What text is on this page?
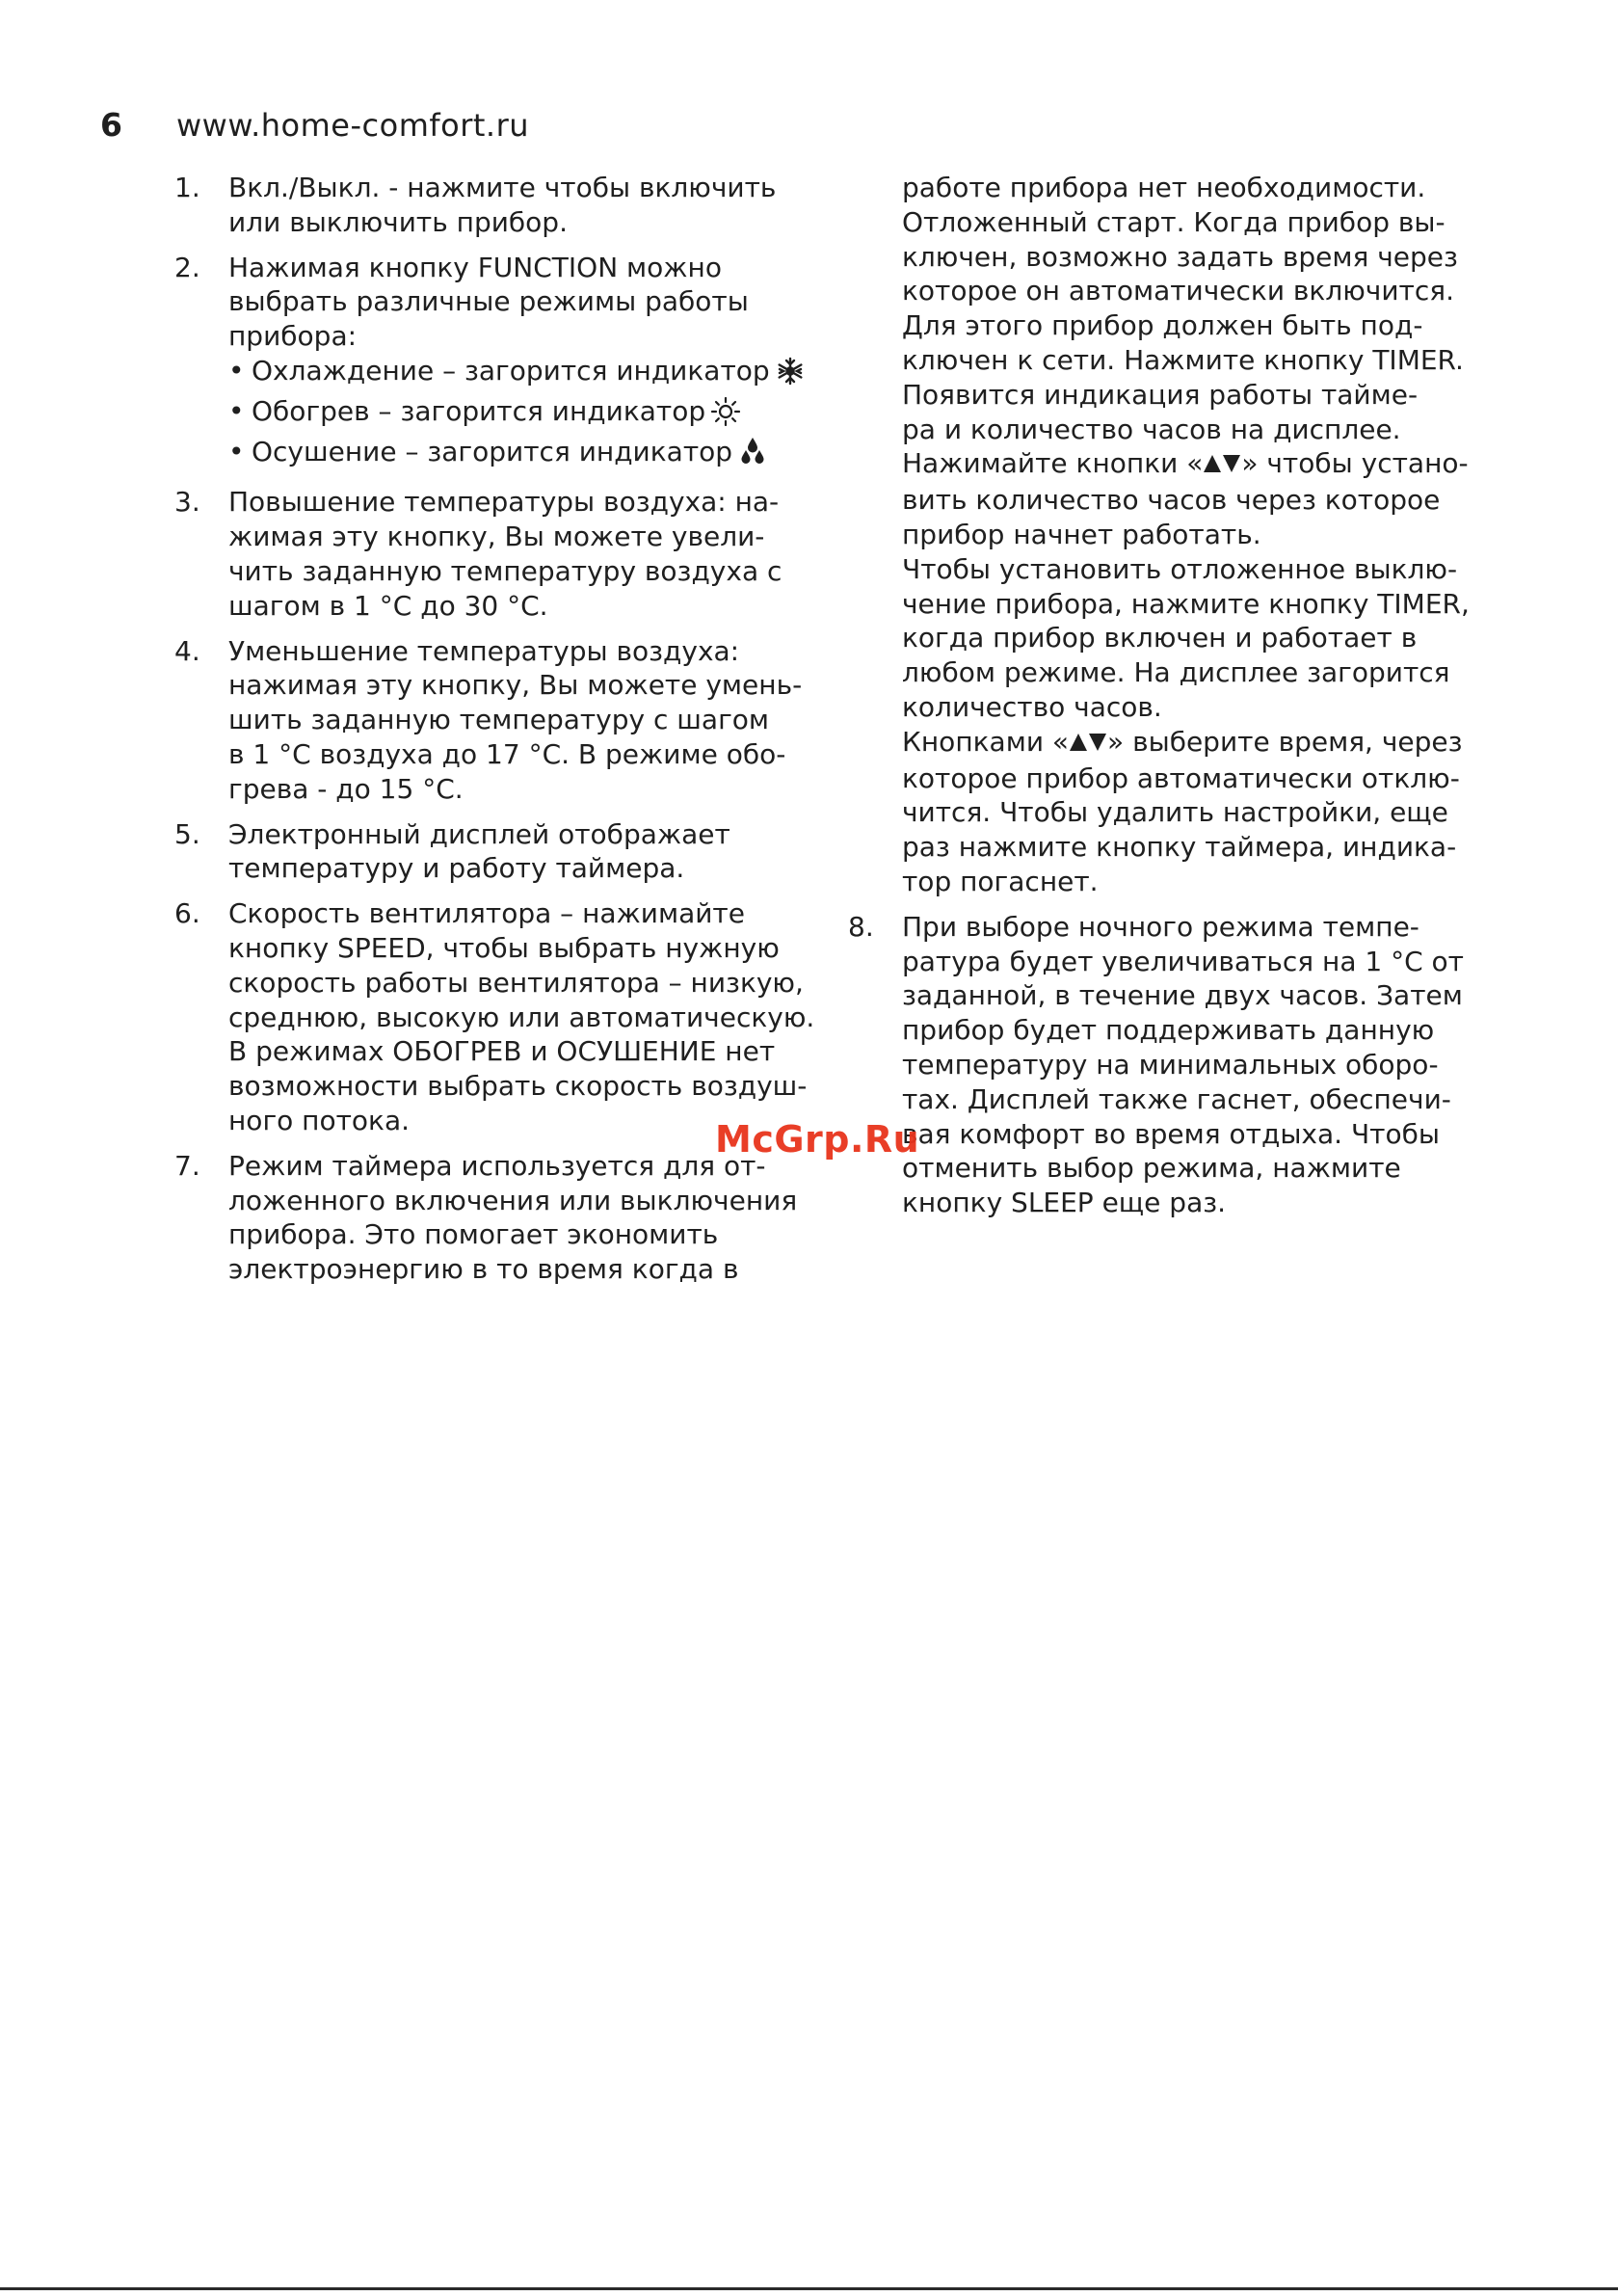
6 www.home-comfort.ru
1. Вкл./Выкл. - нажмите чтобы включить
или выключить прибор.
2. Нажимая кнопку FUNCTION можно
выбрать различные режимы работы
прибора:
• Охлаждение – загорится индикатор
• Обогрев – загорится индикатор
• Осушение – загорится индикатор
3. Повышение температуры воздуха: на-
жимая эту кнопку, Вы можете увели-
чить заданную температуру воздуха с
шагом в 1 °С до 30 °С.
4. Уменьшение температуры воздуха:
нажимая эту кнопку, Вы можете умень-
шить заданную температуру с шагом
в 1 °С воздуха до 17 °С. В режиме обо-
грева - до 15 °С.
5. Электронный дисплей отображает
температуру и работу таймера.
6. Скорость вентилятора – нажимайте
кнопку SPEED, чтобы выбрать нужную
скорость работы вентилятора – низкую,
среднюю, высокую или автоматическую.
В режимах ОБОГРЕВ и ОСУШЕНИЕ нет
возможности выбрать скорость воздуш-
ного потока.
7. Режим таймера используется для от-
ложенного включения или выключения
прибора. Это помогает экономить
электроэнергию в то время когда в
работе прибора нет необходимости.
Отложенный старт. Когда прибор вы-
ключен, возможно задать время через
которое он автоматически включится.
Для этого прибор должен быть под-
ключен к сети. Нажмите кнопку TIMER.
Появится индикация работы тайме-
ра и количество часов на дисплее.
Нажимайте кнопки « » чтобы устано-
вить количество часов через которое
прибор начнет работать.
Чтобы установить отложенное выклю-
чение прибора, нажмите кнопку TIMER,
когда прибор включен и работает в
любом режиме. На дисплее загорится
количество часов.
Кнопками « » выберите время, через
которое прибор автоматически отклю-
чится. Чтобы удалить настройки, еще
раз нажмите кнопку таймера, индика-
тор погаснет.
8. При выборе ночного режима темпе-
ратура будет увеличиваться на 1 °С от
заданной, в течение двух часов. Затем
прибор будет поддерживать данную
температуру на минимальных оборо-
тах. Дисплей также гаснет, обеспечи-
вая комфорт во время отдыха. Чтобы
отменить выбор режима, нажмите
кнопку SLEEP еще раз.
McGrp.Ru
